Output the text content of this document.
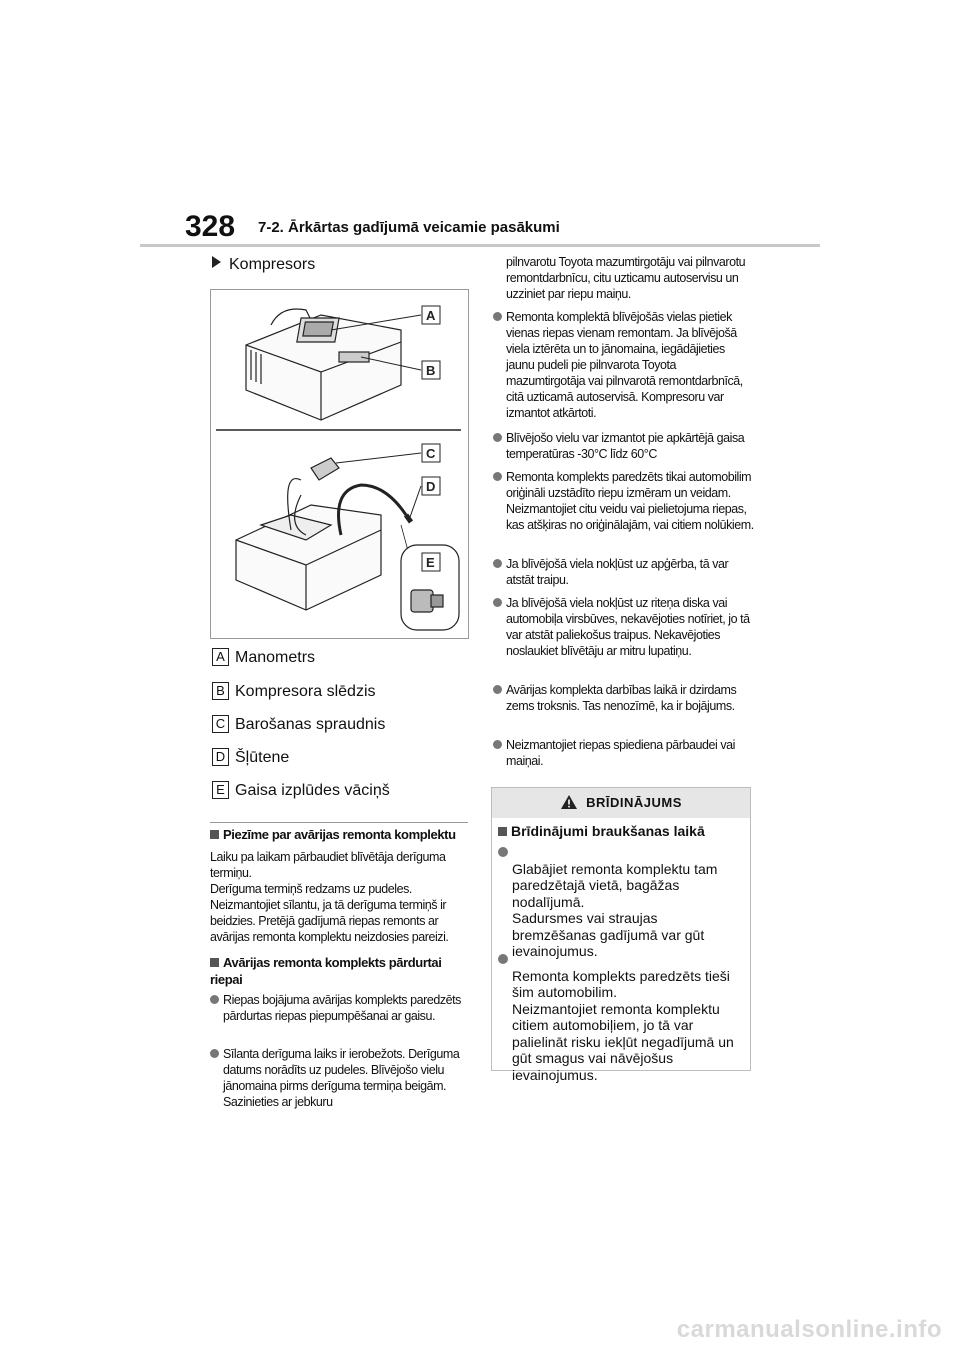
328 7-2. Ārkārtas gadījumā veicamie pasākumi
Kompresors
A
B
C
D
E
A Manometrs
B Kompresora slēdzis
C Barošanas spraudnis
D Šļūtene
E Gaisa izplūdes vāciņš
Piezīme par avārijas remonta komplektu
Laiku pa laikam pārbaudiet blīvētāja derīguma termiņu.
Derīguma termiņš redzams uz pudeles. Neizmantojiet sīlantu, ja tā derīguma termiņš ir beidzies. Pretējā gadījumā riepas remonts ar avārijas remonta komplektu neizdosies pareizi.
Avārijas remonta komplekts pārdurtai riepai
Riepas bojājuma avārijas komplekts paredzēts pārdurtas riepas piepumpēšanai ar gaisu.
Sīlanta derīguma laiks ir ierobežots. Derīguma datums norādīts uz pudeles. Blīvējošo vielu jānomaina pirms derīguma termiņa beigām. Sazinieties ar jebkuru
pilnvarotu Toyota mazumtirgotāju vai pilnvarotu remontdarbnīcu, citu uzticamu autoservisu un uzziniet par riepu maiņu.
Remonta komplektā blīvējošās vielas pietiek vienas riepas vienam remontam. Ja blīvējošā viela iztērēta un to jānomaina, iegādājieties jaunu pudeli pie pilnvarota Toyota mazumtirgotāja vai pilnvarotā remontdarbnīcā, citā uzticamā autoservisā. Kompresoru var izmantot atkārtoti.
Blīvējošo vielu var izmantot pie apkārtējā gaisa temperatūras -30°C līdz 60°C
Remonta komplekts paredzēts tikai automobilim oriģināli uzstādīto riepu izmēram un veidam. Neizmantojiet citu veidu vai pielietojuma riepas, kas atšķiras no oriģinālajām, vai citiem nolūkiem.
Ja blīvējošā viela nokļūst uz apģērba, tā var atstāt traipu.
Ja blīvējošā viela nokļūst uz riteņa diska vai automobiļa virsbūves, nekavējoties notīriet, jo tā var atstāt paliekošus traipus. Nekavējoties noslaukiet blīvētāju ar mitru lupatiņu.
Avārijas komplekta darbības laikā ir dzirdams zems troksnis. Tas nenozīmē, ka ir bojājums.
Neizmantojiet riepas spiediena pārbaudei vai maiņai.
BRĪDINĀJUMS
Brīdinājumi braukšanas laikā

Glabājiet remonta komplektu tam paredzētajā vietā, bagāžas nodalījumā.
Sadursmes vai straujas bremzēšanas gadījumā var gūt ievainojumus.

Remonta komplekts paredzēts tieši šim automobilim.
Neizmantojiet remonta komplektu citiem automobiļiem, jo tā var palielināt risku iekļūt negadījumā un gūt smagus vai nāvējošus ievainojumus.

carmanualsonline.info
